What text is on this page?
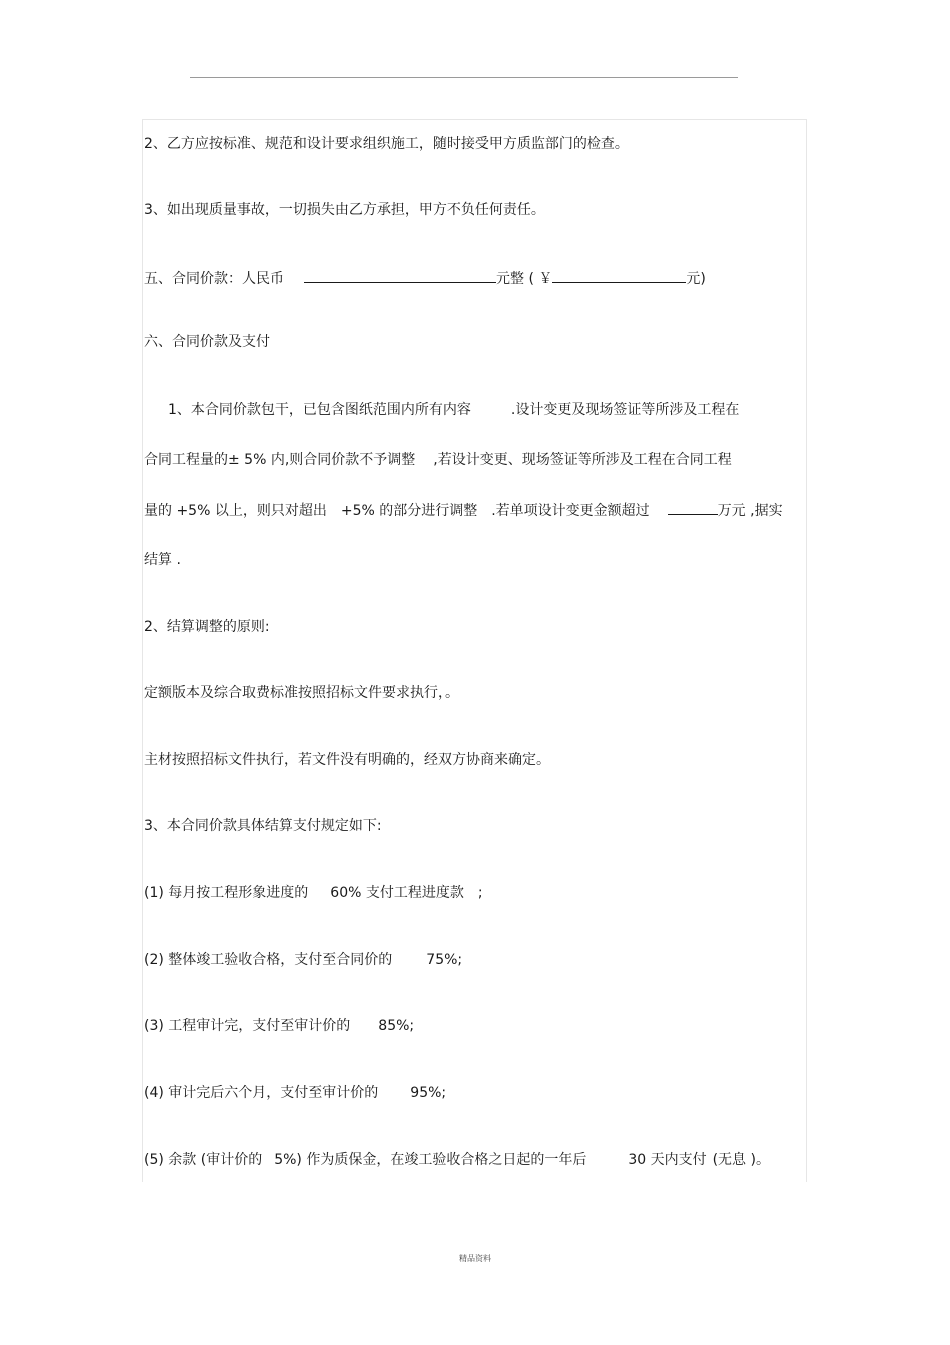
2、乙方应按标准、规范和设计要求组织施工，随时接受甲方质监部门的检查。
3、如出现质量事故，一切损失由乙方承担，甲方不负任何责任。
五、合同价款：人民币	元整 ( ￥	元)
六、合同价款及支付
1、本合同价款包干，已包含图纸范围内所有内容	.设计变更及现场签证等所涉及工程在
合同工程量的± 5% 内,则合同价款不予调整 ,若设计变更、现场签证等所涉及工程在合同工程
量的 +5% 以上，则只对超出 +5% 的部分进行调整 .若单项设计变更金额超过	万元 ,据实
结算 .
2、结算调整的原则:
定额版本及综合取费标准按照招标文件要求执行，。
主材按照招标文件执行，若文件没有明确的，经双方协商来确定。
3、本合同价款具体结算支付规定如下:
(1) 每月按工程形象进度的 60% 支付工程进度款 ;
(2) 整体竣工验收合格，支付至合同价的 75%;
(3) 工程审计完，支付至审计价的 85%;
(4) 审计完后六个月，支付至审计价的 95%;
(5) 余款 (审计价的 5%) 作为质保金，在竣工验收合格之日起的一年后	30 天内支付 (无息 )。
精品资料
